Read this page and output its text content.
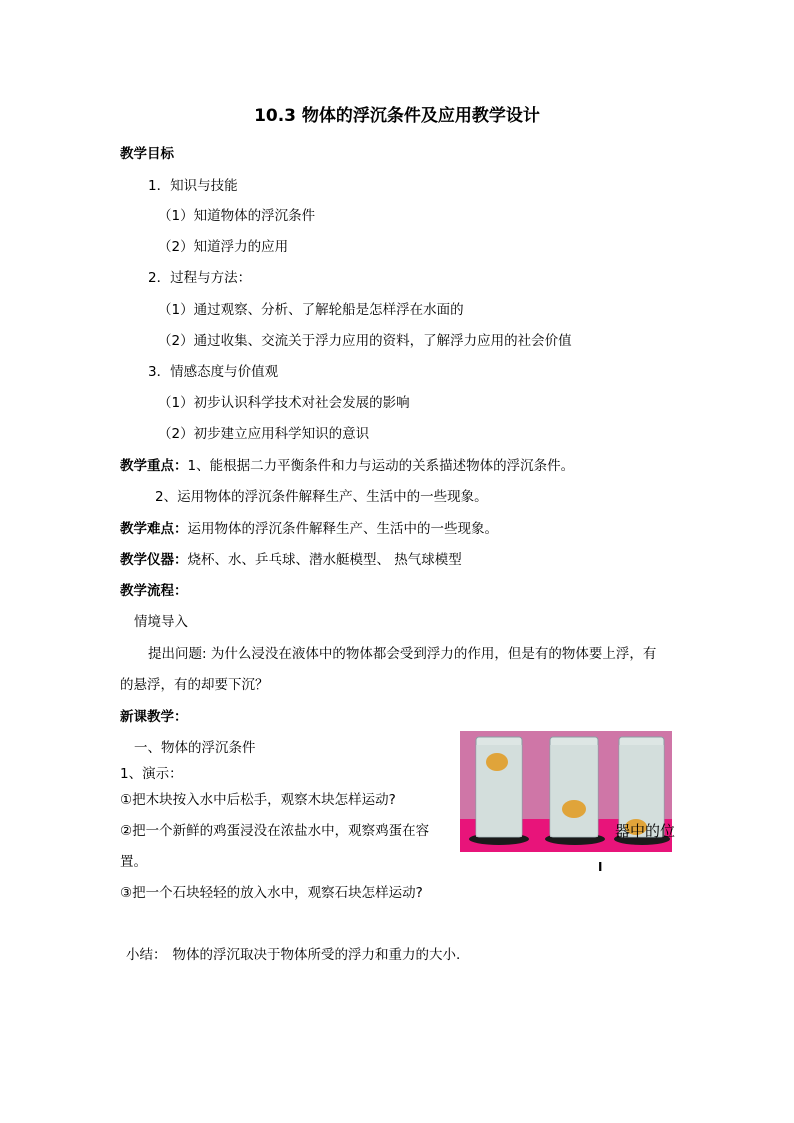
10.3 物体的浮沉条件及应用教学设计
教学目标
1．知识与技能
（1）知道物体的浮沉条件
（2）知道浮力的应用
2．过程与方法：
（1）通过观察、分析、了解轮船是怎样浮在水面的
（2）通过收集、交流关于浮力应用的资料，了解浮力应用的社会价值
3．情感态度与价值观
（1）初步认识科学技术对社会发展的影响
（2）初步建立应用科学知识的意识
教学重点：1、能根据二力平衡条件和力与运动的关系描述物体的浮沉条件。
2、运用物体的浮沉条件解释生产、生活中的一些现象。
教学难点：运用物体的浮沉条件解释生产、生活中的一些现象。
教学仪器：烧杯、水、乒乓球、潜水艇模型、 热气球模型
教学流程：
情境导入
提出问题: 为什么浸没在液体中的物体都会受到浮力的作用，但是有的物体要上浮，有
的悬浮，有的却要下沉？
新课教学：
一、物体的浮沉条件
1、演示：
①把木块按入水中后松手，观察木块怎样运动?
②把一个新鲜的鸡蛋浸没在浓盐水中，观察鸡蛋在容	器中的位
置。	I
③把一个石块轻轻的放入水中，观察石块怎样运动?
小结： 物体的浮沉取决于物体所受的浮力和重力的大小.
